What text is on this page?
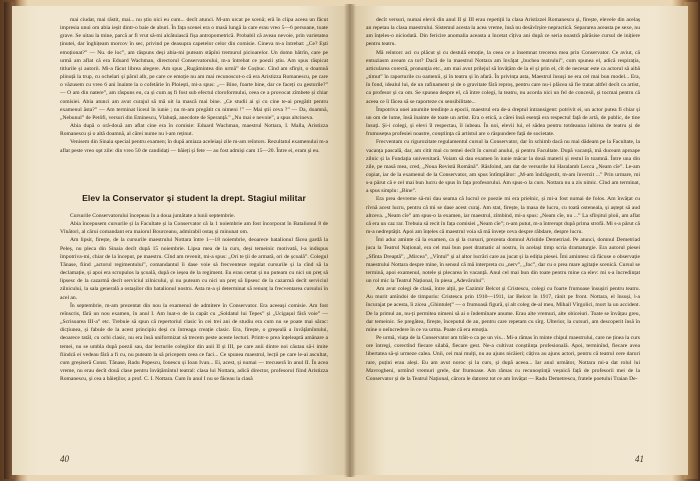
mai ciudat, mai răstit, mai... nu știu nici eu cum... decît atunci. M-am urcat pe scenă; eră în clipa aceea un fâcut impresia unui om abia ieșit dintr-o baie de aburi. În fața scenei era o masă lungă la care erau vreo 5—6 persoane, toate grave. Se uitau la mine, parcă ar fi vrut să-mi alcătuiască fișa antropometrică. Probabil că aveau nevoie, prin varietatea ținutei, dar înghițeam morcov în sec, privind pe deasupra capetelor celor din comisie. Cineva m-a întrebat: „Ce? Ești emoționat?” — Nu. de loc”, am răspuns deși abia-mi puteam stăpîni tremurul picioarelor. Un domn bătrîn, care pe urmă am aflat că era Eduard Wachman, directorul Conservatorului, m-a întrebat ce poezii știu. Am spus răspicat titlurile și autorii. Mi-a făcut librea alegere. Am spus „Rugămintea din urmă” de Coșbuc. Cînd am sfîrșit, o doamnă plinuță la trup, cu ochelari și părul alb, pe care ce emoție nu am mai recunoscut-o că era Aristizza Romanescu, pe care o văzusem cu vreo 6 ani înainte la o cofetărie în Ploiești, mi-a spus: „— Bine, foarte bine, dar ce faceți cu gesturile?” — O am din natere”, am răspuns eu, ca și cum aș fi fost sub efectul cloroformului, ceea ce a provocat zîmbete și chiar comisiei. Abia atunci am avut curajul să mă uit la mască mai bine. „Ce studii ai și cu cine te-ai pregătit pentru examenul ăsta?” — Am terminat liceul în iunie ; nu m-am pregătit cu nimeni !” — Mai știi ceva ?” — Da, doamnă, „Nebunul” de Petőfi, versuri din Eminescu, Vlahuță, anecdote de Speranță.” „Nu mai e nevoie”, a spus altcineva.

Abia după o oră-două am aflat cine era în comisie: Eduard Wachman, maestrul Nottara, I. Malla, Aristizza Romanescu și o altă doamnă, al cărei nume nu l-am reținut.

Venisem din Sinaia special pentru examen; în după amiaza aceleiași zile m-am reîntors. Rezultatul examenului m-a aflat peste vreo opt zile: din vreo 50 de candidați — băieți și fete — au fost admiși cam 15—20. Între ei, eram și eu.

Elev la Conservator și student la drept. Stagiul militar

Cursurile Conservatorului începeau în a doua jumătate a lunii septembrie.

Abia începusem cursurile și la Facultate și la Conservator că la 1 noiembrie am fost încorporat în Batalionul 8 de Vînători, al cărui comandant era maiorul Bourceanu, admirabil ostaș și minunat om.

Am lipsit, firește, de la cursurile maestrului Nottara între 1—18 noiembrie, deoarece batalionul făcea gardă la Peleș, nu pleca din Sinaia decît după 15 noiembrie. Lipsa mea de la curs, deși temeinic motivată, l-a indispus împotriva-mi, chiar de la început, pe maestru. Cînd am revenit, mi-a spus: „Ori te ții de armată, ori de școală”. Colegul Tănase, fiind „actorul regimentului”, comandantul îi dase voie să frecventeze regulat cursurile și la cînd să la declamație, și apoi era scrupulos la școală, după ce ieșea de la regiment. Eu erau certat și nu puteam cu nici un preț să lipsesc de la cazarmă decît serviciul zilnicului, și nu puteam cu nici un preț să lipsesc de la cazarmă decît serviciul zilnicului, la sala generală a ostașilor din batalionul nostru. Asta m-a și determinat să renunț la frecventarea cursului în acel an.

În septembrie, m-am prezentat din nou la examenul de admitere în Conservator. Era aceeași comisie. Am fost reînscris, fără un nou examen, în anul I. Am luat-o de la capăt cu „Soldatul lui Tepes” și „Ucigașul fără voie” — „Scrisoarea III-a” etc. Trebuie să spun că repertoriul clasic în cei trei ani de studiu era cum nu se poate mai sărac: dicțiunea, și fabule de la acest principiu deși cu întreaga creație clasic. Era, firește, o greșeală a învățămîntului, deoarece tatăl, cu ochi clasic, nu era însă uniformizat să trecem peste aceste lecturi. Printr-o prea înțeleaptă amânare a temei, nu se umbla după poezii sau, dar lecturile colegilor din anii II și III, pe care anii dintre noi căutau să-i imite fiindcă ei vedeau fără a fi cu, nu puteam la să pricepem ceea ce faci... Ce spunea maestrul, lecții pe care le-ai ascultat, cum greșiseră Const. Tănase, Radu Popescu, Ionescu și Ioan Ivan... Ei, acest, și numai — trecuseră în anul II. În acea vreme, nu erau decît două clase pentru învățămîntul teatral: clasa lui Nottara, adică director, profesorul fiind Aristizza Romanescu, și cea a băieților, a prof. C. I. Nottara. Cum în anul I nu se făceau la clasă

40

decît versuri, numai elevii din anul II și III erau repetiții la clasa Aristizzei Romanescu și, firește, elevele din acelaș an repetau la clasa maestrului. Sistemul acesta la acea vreme, însă nu desăvîrșire nepractică. Separarea aceasta pe sexe, nu am înțeles-o niciodată. Din fericire anomalia aceasta a încetat cîțiva ani după ce seria noastră părăsise cursul de inițiere pentru teatru.

Mă reîntorc aci cu plăcut și cu destulă emoție, la ceea ce a însemnat trecerea mea prin Conservator. Ce aviut, că entuziasm aveam ca tot? Dacă de la maestrul Nottara am învățat „buchea teatrului”, cum spunea el, adică respirația, articularea corectă, pronunția etc., am mai avut prilejul să învățăm de la el și prin el, cît de necesar este ca actorul să aibă „timut” în raporturile cu oamenii, și în teatru și în afară. În privința asta, Maestrul însuși ne era cel mai bun model... Era, în fond, idealul lui, de un rafinament și de o gravitate fără reproș, pentru care nu-i plăcea să fie tratat altfel decît ca artist, ca profesor și ca om. Se spunea despre el, că între colegi, la teatru, nu acorda nici un fel de concesii, și tocmai pentru că aceea ce îi făcea să se raporteze cu sensibilitate...

Împotriva unei anumite tendințe a epocii, maestrul era de-a dreptul intransigent: potrivit ei, un actor putea fi chiar și un om de lume, însă înainte de toate un artist. Era o etică, a cărei însă esență era respectul față de artă, de public, de tine însuți. Și-i colegi, și elevi îl respectau, îl iubeau. În noi, elevii lui, el sădea pentru totdeauna iubirea de teatru și de frumusețea profesiei noastre, conștiința că artistul are o răspundere față de societate.

Frecventam cu rigurozitate regulamentul cursul la Conservator, dar în schimb dacă nu mai dădeam pe la Facultate, la vacanța pascală, dar, am citit mai cu temei decît în cursul anului, și pentru Facultate. După vacanță, mă duceam aproape zilnic și la Fundația universitară. Voiam să dau examen în iunie măcar la două materii și restul în toamnă. Între una din zile, pe masă mea, cred, „Noua Revistă Română”. Răsfoind, am dat de versurile lui Haralamb Lecca „Neam cîe”. Le-am copiat, iar de la examenul de la Conservator, am spus întîmplător: „M-am îndrăgostit, m-am înverzit ...” Prin urmare, mi s-a părut că e cel mai bun lucru de spus în fața profesorului. Am spus-o la curs. Nottara nu a zis nimic. Cînd am terminat, a spus simplu: „Bine”.

Era prea devreme să-mi dau seama că lucrul ce poezie mi era prielnic, și mi-a fost numai de folos. Am învățat cu rîvnă acest lucru, pentru că mi se dase acest curaj. Am stat, firește, la masa de lucru, cu toată osteneala, și aștept să aud altceva. „Neam cîe” am spus-o la examen, iar maestrul, zîmbind, mi-a spus: „Neam cîe, nu ...” La sfîrșitul ploii, am aflat că era un caz rar. Trebuia să recit în fața comisiei „Neam cîe”; n-am putut, m-a întrerupt după prima strofă. Mi s-a părut că m-a nedreptățit. Apoi am înțeles că maestrul voia să mă învețe ceva despre răbdare, despre lucru.

Îmi aduc aminte că la examen, ca și la cursuri, prezenta domnul Aristide Demetriad. Pe atunci, domnul Demetriad juca la Teatrul Național, era cel mai bun poet dramatic al nostru, în același timp scria dramaturgie. Era autorul piesei „Sfînta Dreaptă”, „Mircea”, „Vîntul” și al altor lucrări care au jucat și la ediția piesei. Îmi amintesc că făcuse o observație maestrului Nottara despre mine, în sensul că mă interpreta cu „nerv”, „foc”, dar cu o prea mare agitație scenică. Cursul se termină, apoi examenul, notele și plecarea în vacanță. Anul cel mai bun din toate pentru mine ca elev: mi s-a încredințat un rol mic la Teatrul Național, în piesa „Adevărului”.

Am avut colegi de clasă, între alții, pe Cazimir Belcot și Cristescu, colegi cu foarte frumoase însușiri pentru teatru. Au murit amîndoi de timpuriu: Cristescu prin 1910—1911, iar Belcot în 1917, rănit pe front. Nottara, el însuși, l-a încurajat pe acesta, îi zicea „Ghintuleț” — o frumoasă figură, și alt coleg de-al meu, Mihail Vîrgolici, mort la un accident. De la primul an, nu-ți permitea nimeni să ai o îndemînare anume. Erau alte vremuri, alte obiceiuri. Toate se învățau greu, dar temeinic. Se pregătea, firește, începutul de an, pentru care repetam cu sîrg. Ulterior, la cursuri, am descoperit însă în mine o neîncredere în ce va urma. Poate că era emoția.

Pe urmă, viața de la Conservator am trăit-o ca pe un vis... Mi-a rămas în minte chipul maestrului, care ne ținea la curs ore întregi, corectînd fiecare silabă, fiecare gest. Ne-a cultivat conștiința profesională. Apoi, terminînd, fiecare avea libertatea să-și urmeze calea. Unii, cei mai mulți, nu au ajuns nicăieri; câțiva au ajuns actori, pentru că teatrul cere daruri rare, puțini erau aleși. Eu am avut noroc și la curs, și după aceea... Iar anul următor, Nottara mi-a dat rolul lui Mavrogheni, urmînd vremuri grele, dar frumoase. Am rămas cu recunoștință veșnică față de profesorii mei de la Conservator și de la Teatrul Național, cărora le datorez tot ce am învățat — Radu Demetrescu, fratele poetului Traian De-

41
